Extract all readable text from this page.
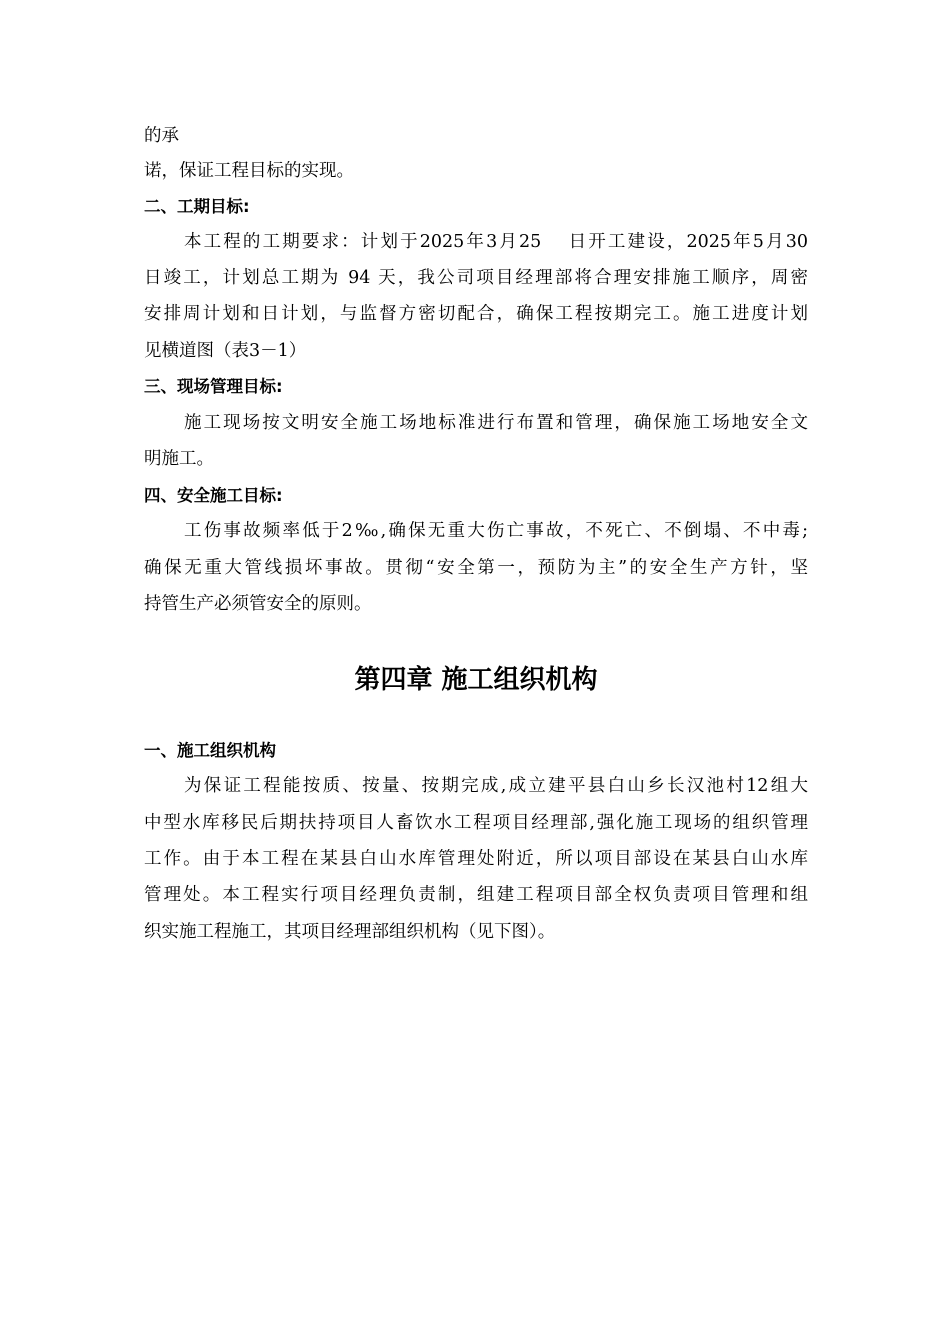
的承
诺，保证工程目标的实现。
二、工期目标:
本工程的工期要求：计划于2025年3月25 　日开工建设，2025年5月30
日竣工，计划总工期为 94 天，我公司项目经理部将合理安排施工顺序，周密
安排周计划和日计划，与监督方密切配合，确保工程按期完工。施工进度计划
见横道图（表3－1）
三、现场管理目标:
施工现场按文明安全施工场地标准进行布置和管理，确保施工场地安全文
明施工。
四、安全施工目标:
工伤事故频率低于2‰,确保无重大伤亡事故，不死亡、不倒塌、不中毒;
确保无重大管线损坏事故。贯彻“安全第一，预防为主”的安全生产方针，坚
持管生产必须管安全的原则。
第四章 施工组织机构
一、施工组织机构
为保证工程能按质、按量、按期完成,成立建平县白山乡长汉池村12组大
中型水库移民后期扶持项目人畜饮水工程项目经理部,强化施工现场的组织管理
工作。由于本工程在某县白山水库管理处附近，所以项目部设在某县白山水库
管理处。本工程实行项目经理负责制，组建工程项目部全权负责项目管理和组
织实施工程施工，其项目经理部组织机构（见下图）。
